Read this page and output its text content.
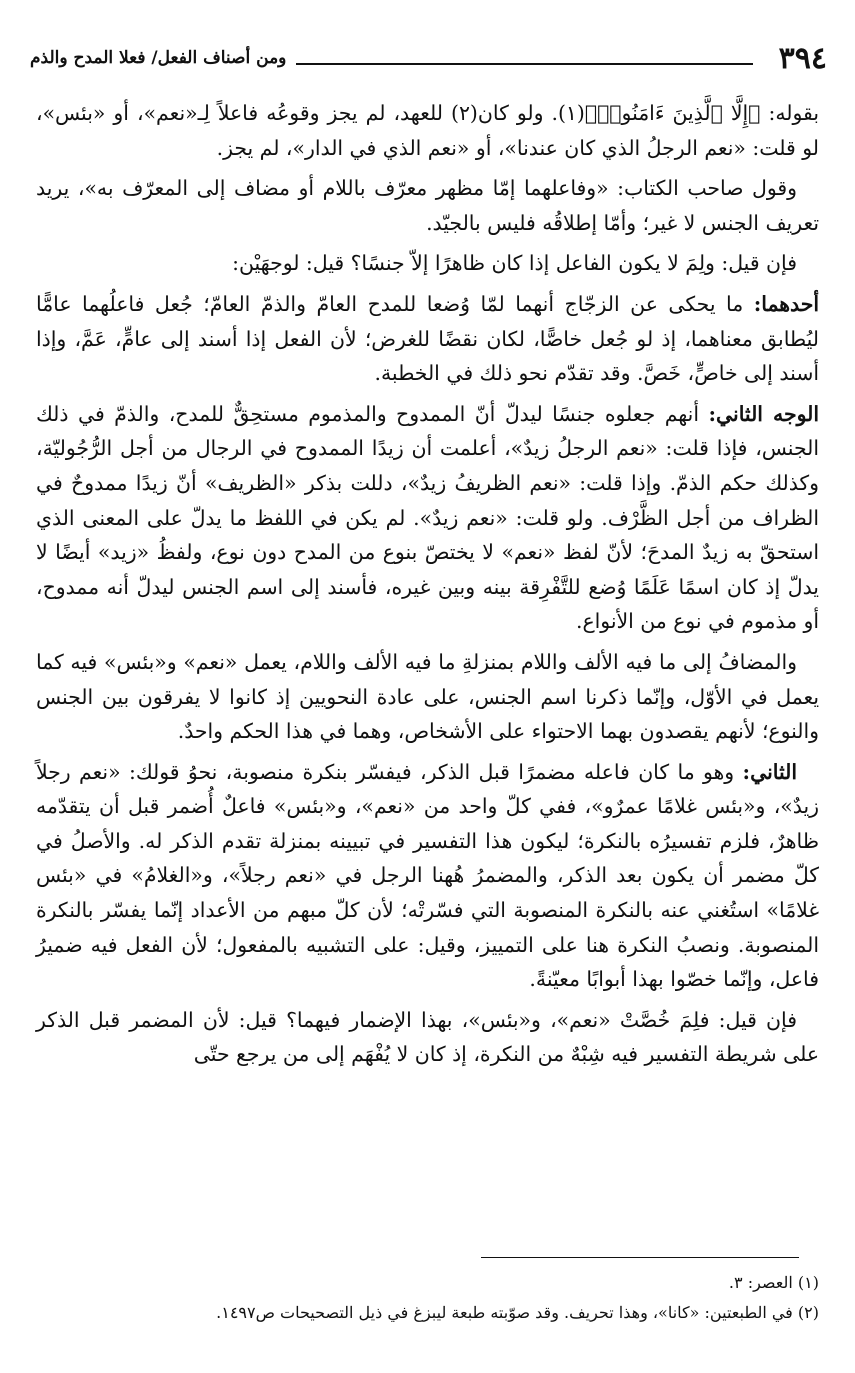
٣٩٤
ومن أصناف الفعل/ فعلا المدح والذم

بقوله: ﴿إِلَّا ٱلَّذِينَ ءَامَنُوا۟﴾(١). ولو كان(٢) للعهد، لم يجز وقوعُه فاعلاً لِـ«نعم»، أو «بئس»، لو قلت: «نعم الرجلُ الذي كان عندنا»، أو «نعم الذي في الدار»، لم يجز.

وقول صاحب الكتاب: «وفاعلهما إمّا مظهر معرّف باللام أو مضاف إلى المعرّف به»، يريد تعريف الجنس لا غير؛ وأمّا إطلاقُه فليس بالجيّد.

فإن قيل: ولِمَ لا يكون الفاعل إذا كان ظاهرًا إلاّ جنسًا؟ قيل: لوجهَيْن:

أحدهما: ما يحكى عن الزجّاج أنهما لمّا وُضعا للمدح العامّ والذمّ العامّ؛ جُعل فاعلُهما عامًّا ليُطابق معناهما، إذ لو جُعل خاصًّا، لكان نقضًا للغرض؛ لأن الفعل إذا أسند إلى عامٍّ، عَمَّ، وإذا أسند إلى خاصٍّ، خَصَّ. وقد تقدّم نحو ذلك في الخطبة.

الوجه الثاني: أنهم جعلوه جنسًا ليدلّ أنّ الممدوح والمذموم مستحِقٌّ للمدح، والذمّ في ذلك الجنس، فإذا قلت: «نعم الرجلُ زيدٌ»، أعلمت أن زيدًا الممدوح في الرجال من أجل الرُّجُوليّة، وكذلك حكم الذمّ. وإذا قلت: «نعم الظريفُ زيدٌ»، دللت بذكر «الظريف» أنّ زيدًا ممدوحٌ في الظراف من أجل الظَّرْف. ولو قلت: «نعم زيدٌ». لم يكن في اللفظ ما يدلّ على المعنى الذي استحقّ به زيدٌ المدحَ؛ لأنّ لفظ «نعم» لا يختصّ بنوع من المدح دون نوع، ولفظُ «زيد» أيضًا لا يدلّ إذ كان اسمًا عَلَمًا وُضع للتَّفْرِقة بينه وبين غيره، فأسند إلى اسم الجنس ليدلّ أنه ممدوح، أو مذموم في نوع من الأنواع.

والمضافُ إلى ما فيه الألف واللام بمنزلةِ ما فيه الألف واللام، يعمل «نعم» و«بئس» فيه كما يعمل في الأوّل، وإنّما ذكرنا اسم الجنس، على عادة النحويين إذ كانوا لا يفرقون بين الجنس والنوع؛ لأنهم يقصدون بهما الاحتواء على الأشخاص، وهما في هذا الحكم واحدٌ.

الثاني: وهو ما كان فاعله مضمرًا قبل الذكر، فيفسّر بنكرة منصوبة، نحوُ قولك: «نعم رجلاً زيدٌ»، و«بئس غلامًا عمرٌو»، ففي كلّ واحد من «نعم»، و«بئس» فاعلٌ أُضمر قبل أن يتقدّمه ظاهرٌ، فلزم تفسيرُه بالنكرة؛ ليكون هذا التفسير في تبيينه بمنزلة تقدم الذكر له. والأصلُ في كلّ مضمر أن يكون بعد الذكر، والمضمرُ هُهنا الرجل في «نعم رجلاً»، و«الغلامُ» في «بئس غلامًا» استُغني عنه بالنكرة المنصوبة التي فسّرتْه؛ لأن كلّ مبهم من الأعداد إنّما يفسّر بالنكرة المنصوبة. ونصبُ النكرة هنا على التمييز، وقيل: على التشبيه بالمفعول؛ لأن الفعل فيه ضميرُ فاعل، وإنّما خصّوا بهذا أبوابًا معيّنةً.

فإن قيل: فلِمَ خُصَّتْ «نعم»، و«بئس»، بهذا الإضمار فيهما؟ قيل: لأن المضمر قبل الذكر على شريطة التفسير فيه شِبْهٌ من النكرة، إذ كان لا يُفْهَم إلى من يرجع حتّى

(١) العصر: ٣.

(٢) في الطبعتين: «كانا»، وهذا تحريف. وقد صوّبته طبعة ليبزغ في ذيل التصحيحات ص١٤٩٧.
